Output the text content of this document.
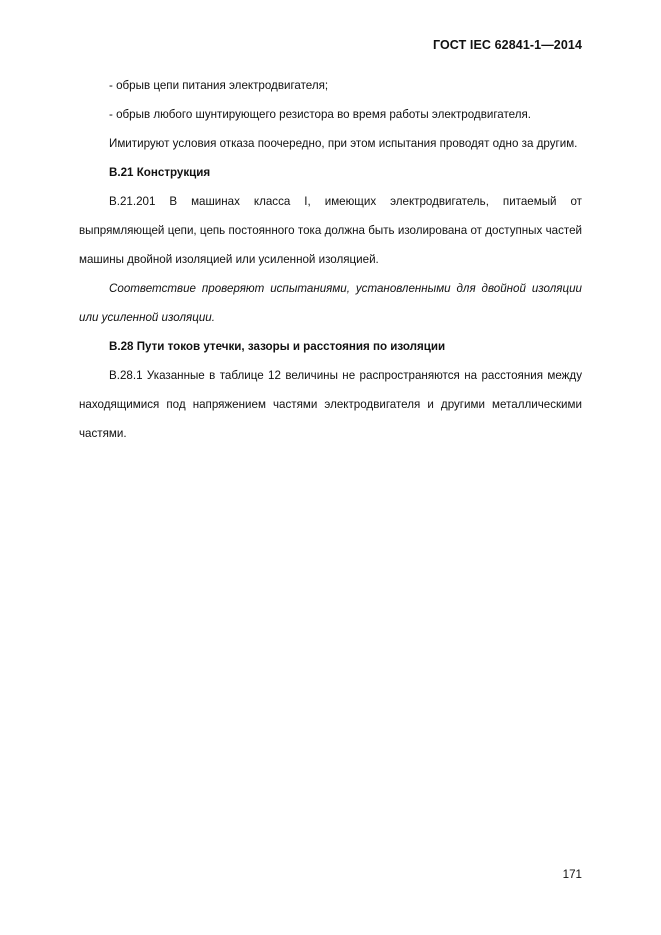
ГОСТ IEC 62841-1—2014

- обрыв цепи питания электродвигателя;

- обрыв любого шунтирующего резистора во время работы электродвигателя.

Имитируют условия отказа поочередно, при этом испытания проводят одно за другим.

B.21 Конструкция

B.21.201 В машинах класса I, имеющих электродвигатель, питаемый от выпрямляющей цепи, цепь постоянного тока должна быть изолирована от доступных частей машины двойной изоляцией или усиленной изоляцией.

Соответствие проверяют испытаниями, установленными для двойной изоляции или усиленной изоляции.

B.28 Пути токов утечки, зазоры и расстояния по изоляции

B.28.1 Указанные в таблице 12 величины не распространяются на расстояния между находящимися под напряжением частями электродвигателя и другими металлическими частями.

171
